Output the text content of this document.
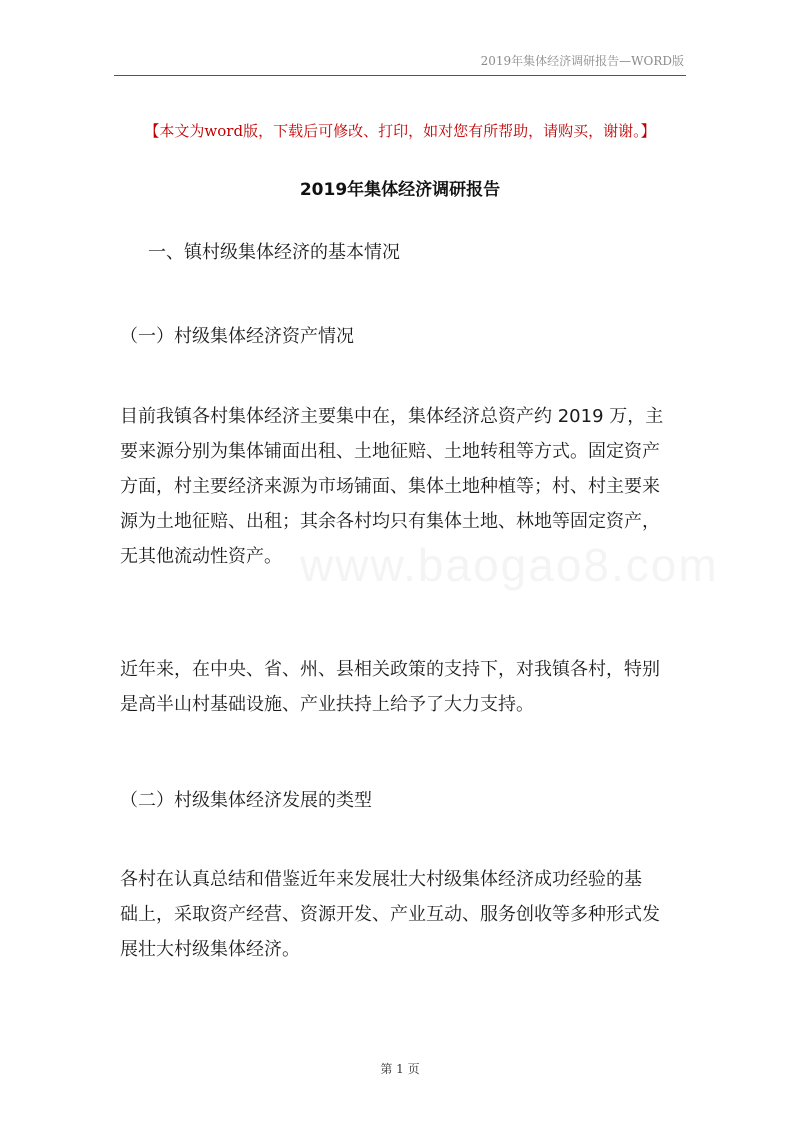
2019年集体经济调研报告—WORD版
【本文为word版，下载后可修改、打印，如对您有所帮助，请购买，谢谢。】
2019年集体经济调研报告
一、镇村级集体经济的基本情况
（一）村级集体经济资产情况
目前我镇各村集体经济主要集中在，集体经济总资产约 2019 万，主
要来源分别为集体铺面出租、土地征赔、土地转租等方式。固定资产
方面，村主要经济来源为市场铺面、集体土地种植等；村、村主要来
源为土地征赔、出租；其余各村均只有集体土地、林地等固定资产，
无其他流动性资产。
近年来，在中央、省、州、县相关政策的支持下，对我镇各村，特别
是高半山村基础设施、产业扶持上给予了大力支持。
（二）村级集体经济发展的类型
各村在认真总结和借鉴近年来发展壮大村级集体经济成功经验的基
础上，采取资产经营、资源开发、产业互动、服务创收等多种形式发
展壮大村级集体经济。
www.baogao8.com
第 1 页
